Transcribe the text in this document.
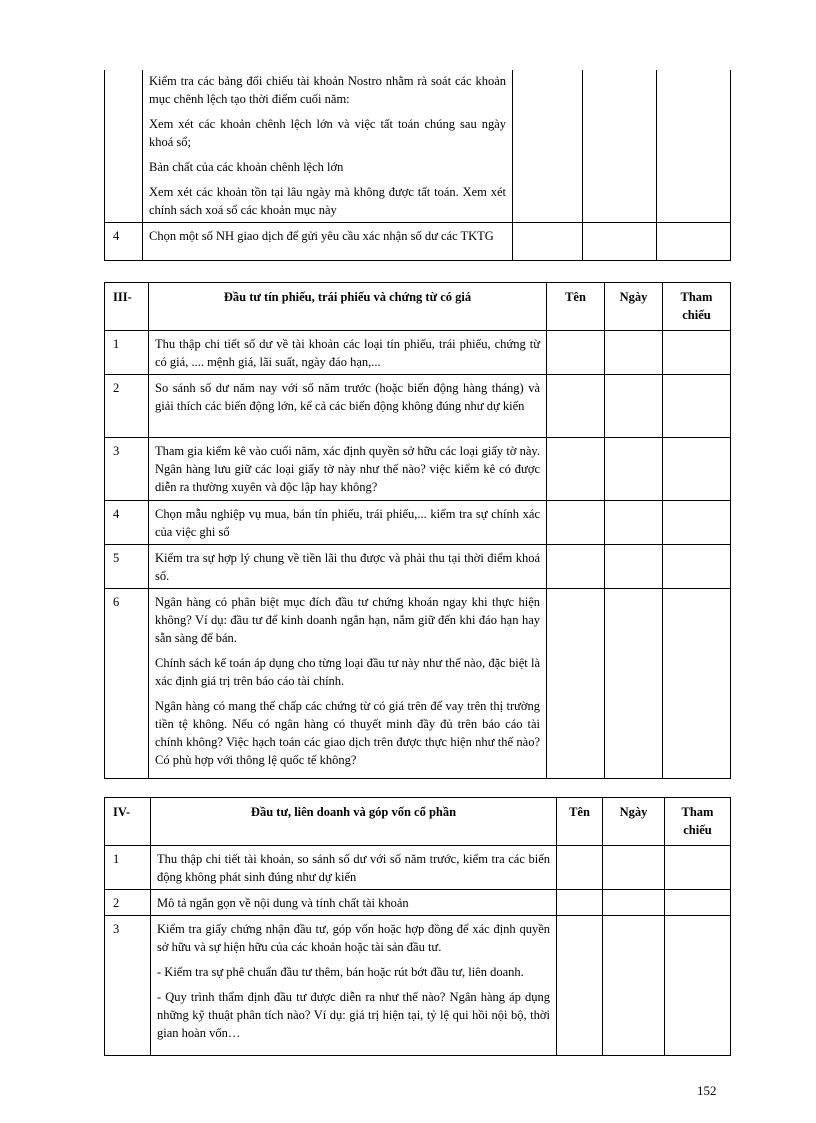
	Kiểm tra các bảng đối chiếu tài khoản Nostro nhằm rà soát các khoản mục chênh lệch tạo thời điểm cuối năm:

Xem xét các khoản chênh lệch lớn và việc tất toán chúng sau ngày khoá sổ;

Bản chất của các khoản chênh lệch lớn

Xem xét các khoản tồn tại lâu ngày mà không được tất toán. Xem xét chính sách xoá sổ các khoản mục này			

4	Chọn một số NH giao dịch để gửi yêu cầu xác nhận số dư các TKTG			

III-	Đầu tư tín phiếu, trái phiếu và chứng từ có giá	Tên	Ngày	Tham chiếu
1	Thu thập chi tiết số dư về tài khoản các loại tín phiếu, trái phiếu, chứng từ có giá, .... mệnh giá, lãi suất, ngày đáo hạn,...			

2	So sánh số dư năm nay với số năm trước (hoặc biến động hàng tháng) và giải thích các biến động lớn, kể cả các biến động không đúng như dự kiến			

3	Tham gia kiểm kê vào cuối năm, xác định quyền sở hữu các loại giấy tờ này. Ngân hàng lưu giữ các loại giấy tờ này như thế nào? việc kiểm kê có được diễn ra thường xuyên và độc lập hay không?			

4	Chọn mẫu nghiệp vụ mua, bán tín phiếu, trái phiếu,... kiểm tra sự chính xác của việc ghi sổ			

5	Kiểm tra sự hợp lý chung về tiền lãi thu được và phải thu tại thời điểm khoá sổ.			

6	Ngân hàng có phân biệt mục đích đầu tư chứng khoán ngay khi thực hiện không? Ví dụ: đầu tư để kinh doanh ngắn hạn, nắm giữ đến khi đáo hạn hay sẵn sàng để bán.

Chính sách kế toán áp dụng cho từng loại đầu tư này như thế nào, đặc biệt là xác định giá trị trên báo cáo tài chính.

Ngân hàng có mang thế chấp các chứng từ có giá trên để vay trên thị trường tiền tệ không. Nếu có ngân hàng có thuyết minh đầy đủ trên báo cáo tài chính không? Việc hạch toán các giao dịch trên được thực hiện như thế nào? Có phù hợp với thông lệ quốc tế không?			

IV-	Đầu tư, liên doanh và góp vốn cổ phần	Tên	Ngày	Tham chiếu
1	Thu thập chi tiết tài khoản, so sánh số dư với số năm trước, kiểm tra các biến động không phát sinh đúng như dự kiến			

2	Mô tả ngắn gọn về nội dung và tính chất tài khoản			

3	Kiểm tra giấy chứng nhận đầu tư, góp vốn hoặc hợp đồng để xác định quyền sở hữu và sự hiện hữu của các khoản hoặc tài sản đầu tư.

- Kiểm tra sự phê chuẩn đầu tư thêm, bán hoặc rút bớt đầu tư, liên doanh.

- Quy trình thẩm định đầu tư được diễn ra như thế nào? Ngân hàng áp dụng những kỹ thuật phân tích nào? Ví dụ: giá trị hiện tại, tỷ lệ qui hồi nội bộ, thời gian hoàn vốn…			

152
